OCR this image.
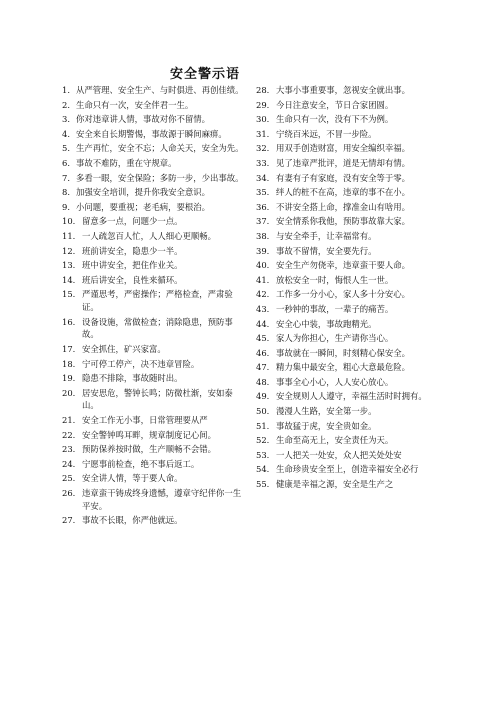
安全警示语
1. 从严管理、安全生产、与时俱进、再创佳绩。
2. 生命只有一次，安全伴君一生。
3. 你对违章讲人情，事故对你不留情。
4. 安全来自长期警惕，事故源于瞬间麻痹。
5. 生产再忙，安全不忘；人命关天，安全为先。
6. 事故不难防，重在守规章。
7. 多看一眼，安全保险；多防一步，少出事故。
8. 加强安全培训，提升你我安全意识。
9. 小问题，要重视；老毛病，要根治。
10. 留意多一点，问题少一点。
11. 一人疏忽百人忙，人人细心更顺畅。
12. 班前讲安全，隐患少一半。
13. 班中讲安全，把住作业关。
14. 班后讲安全，良性来循环。
15. 严谨思考，严密操作；严格检查，严肃验证。
16. 设备设施，常做检查；消除隐患，预防事故。
17. 安全抓住，矿兴家富。
18. 宁可停工停产，决不违章冒险。
19. 隐患不排除，事故随时出。
20. 居安思危，警钟长鸣；防微杜渐，安如泰山。
21. 安全工作无小事，日常管理要从严
22. 安全警钟鸣耳畔，规章制度记心间。
23. 预防保养按时做，生产顺畅不会错。
24. 宁愿事前检查，绝不事后返工。
25. 安全讲人情，等于要人命。
26. 违章蛮干铸成终身遗憾，遵章守纪伴你一生平安。
27. 事故不长眼，你严他就远。
28. 大事小事重要事，忽视安全就出事。
29. 今日注意安全，节日合家团圆。
30. 生命只有一次，没有下不为例。
31. 宁绕百米远，不冒一步险。
32. 用双手创造财富，用安全编织幸福。
33. 见了违章严批评，道是无情却有情。
34. 有妻有子有家庭，没有安全等于零。
35. 绊人的桩不在高，违章的事不在小。
36. 不讲安全搭上命，撑准金山有啥用。
37. 安全情系你我他，预防事故靠大家。
38. 与安全牵手，让幸福常有。
39. 事故不留情，安全要先行。
40. 安全生产勿侥幸，违章蛮干要人命。
41. 放松安全一时，悔恨人生一世。
42. 工作多一分小心，家人多十分安心。
43. 一秒钟的事故，一辈子的痛苦。
44. 安全心中装，事故跑精光。
45. 家人为你担心，生产请你当心。
46. 事故就在一瞬间，时刻精心保安全。
47. 精力集中最安全，粗心大意最危险。
48. 事事全心小心，人人安心放心。
49. 安全规则人人遵守，幸福生活时时拥有。
50. 漫漫人生路，安全第一步。
51. 事故猛于虎，安全贵如金。
52. 生命至高无上，安全责任为天。
53. 一人把关一处安，众人把关处处安
54. 生命珍贵安全至上，创造幸福安全必行
55. 健康是幸福之源，安全是生产之
